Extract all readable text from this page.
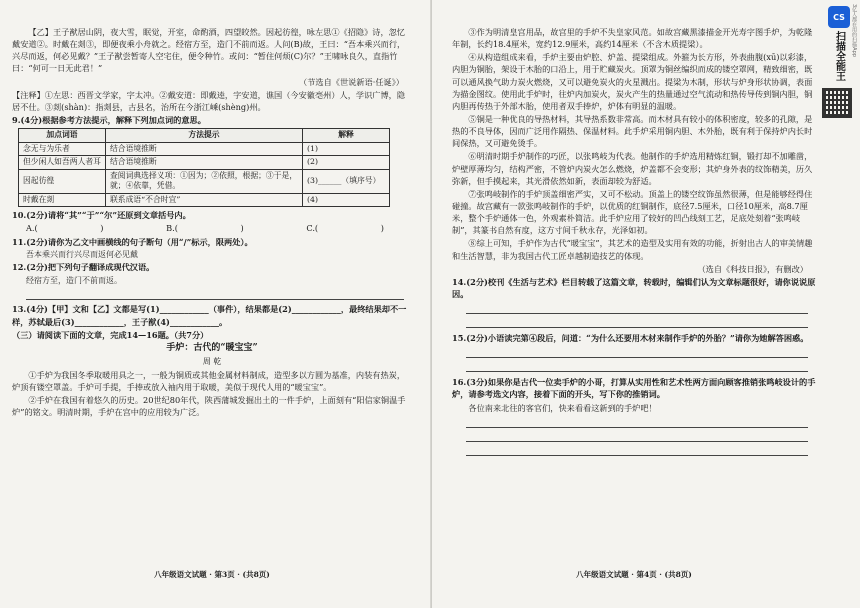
【乙】王子猷居山阴，夜大雪，眠觉，开室，命酌酒，四望皎然。因起彷徨，咏左思①《招隐》诗，忽忆戴安道②。时戴在剡③，即便夜乘小舟就之。经宿方至，造门不前而返。人问(B)故，王曰：“吾本乘兴而行，兴尽而返，何必见戴？”王子猷尝暂寄人空宅住，便令种竹。或问：“暂住何烦(C)尔？”王啸咏良久，直指竹曰：“何可一日无此君！”

（节选自《世说新语·任诞》）

【注释】①左思：西晋文学家，字太冲。②戴安道：即戴逵，字安道，谯国（今安徽亳州）人，学识广博，隐居不仕。③剡(shàn)：指剡县，古县名，治所在今浙江嵊(shèng)州。

9.(4分)根据参考方法提示，解释下列加点词的意思。

加点词语	方法提示	解释
念无与为乐者	结合语境推断	(1)
但少闲人如吾两人者耳	结合语境推断	(2)
因起彷徨	查阅词典选择义项：①因为；②依照，根据；③于是，就；④依靠，凭借。	(3)______（填序号）
时戴在剡	联系成语“不合时宜”	(4)

10.(2分)请将“其”“于”“尔”还原到文章括号内。

A.( )	B.( )	C.( )

11.(2分)请你为乙文中画横线的句子断句（用“/”标示，限两处）。

吾本乘兴而行兴尽而返何必见戴

12.(2分)把下列句子翻译成现代汉语。

经宿方至，造门不前而返。

13.(4分)【甲】文和【乙】文都是写(1)____________（事件），结果都是(2)____________，最终结果却不一样，苏轼最后(3)____________，王子猷(4)____________。

（三）请阅读下面的文章，完成14—16题。（共7分）

手炉：古代的“暖宝宝”

周 乾

①手炉为我国冬季取暖用具之一，一般为铜质或其他金属材料制成，造型多以方圆为基准，内装有热炭，炉顶有镂空罩盖。手炉可手提，手捧或放入袖内用于取暖，美似于现代人用的“暖宝宝”。

②手炉在我国有着悠久的历史。20世纪80年代，陕西蒲城发掘出土的一件手炉，上面刻有“阳信家铜温手炉”的铭文。明清时期，手炉在宫中的应用较为广泛。

八年级语文试题 · 第3页 · (共8页)

③作为明清皇宫用品，故宫里的手炉不失皇家风范。如故宫藏黑漆描金开光寿字图手炉，为乾隆年制，长约18.4厘米，宽约12.9厘米，高约14厘米（不含木质提梁）。

④从构造组成来看，手炉主要由炉腔、炉盖、提梁组成。外箍为长方形，外表曲腹(xū)以彩漆，内胆为铜胎，架设于木胎的口沿上，用于贮藏炭火。顶罩为铜丝编织而成的镂空罩网，精致细密，既可以通风换气助力炭火燃烧，又可以避免炭火的火星溅出。提梁为木制，形状与炉身形状协调，表面为描金图纹。使用此手炉时，往炉内加炭火，炭火产生的热量通过空气流动和热传导传到铜内胆，铜内胆再传热于外部木胎，使用者双手捧炉，炉体有明显的温暖。

⑤铜是一种优良的导热材料，其导热系数非常高。而木材具有较小的体积密度，较多的孔隙，是热的不良导体，因而广泛用作隔热、保温材料。此手炉采用铜内胆、木外胎，既有利于保持炉内长时间保热，又可避免烫手。

⑥明清时期手炉制作的巧匠，以张鸣岐为代表。他制作的手炉选用精炼红铜，锻打却不加雕凿，炉壁厚薄均匀，结构严密，不管炉内炭火怎么燃烧，炉盖都不会变形；其炉身外表的纹饰精美，历久弥新，但手摸起来，其光滑依然如新，表面却较为舒适。

⑦张鸣岐制作的手炉顶盖细密严实，又可不松动。顶盖上的镂空纹饰虽然很薄，但是能够经得住碰撞。故宫藏有一款张鸣岐制作的手炉，以优质的红铜制作，底径7.5厘米，口径10厘米，高8.7厘米，整个手炉通体一色，外观素朴简洁。此手炉应用了较好的凹凸线刻工艺，足底处刻着“张鸣岐制”，其篆书自然有度，这方寸间千秋永存，光泽如初。

⑧综上可知，手炉作为古代“暖宝宝”，其艺术的造型及实用有效的功能，折射出古人的审美情趣和生活智慧，非为我国古代工匠卓越制造技艺的体现。

（选自《科技日报》，有删改）

14.(2分)校刊《生活与艺术》栏目转载了这篇文章，转载时，编辑们认为文章标题很好，请你说说原因。

15.(2分)小语读完第④段后，问道：“为什么还要用木材来制作手炉的外胎？”请你为她解答困惑。

16.(3分)如果你是古代一位卖手炉的小哥，打算从实用性和艺术性两方面向顾客推销张鸣岐设计的手炉，请参考选文内容，接着下面的开头，写下你的推销词。

各位南来北往的客官们，快来看看这新到的手炉吧！

八年级语文试题 · 第4页 · (共8页)
CS
扫描全能王	3亿人都在用的扫描App
